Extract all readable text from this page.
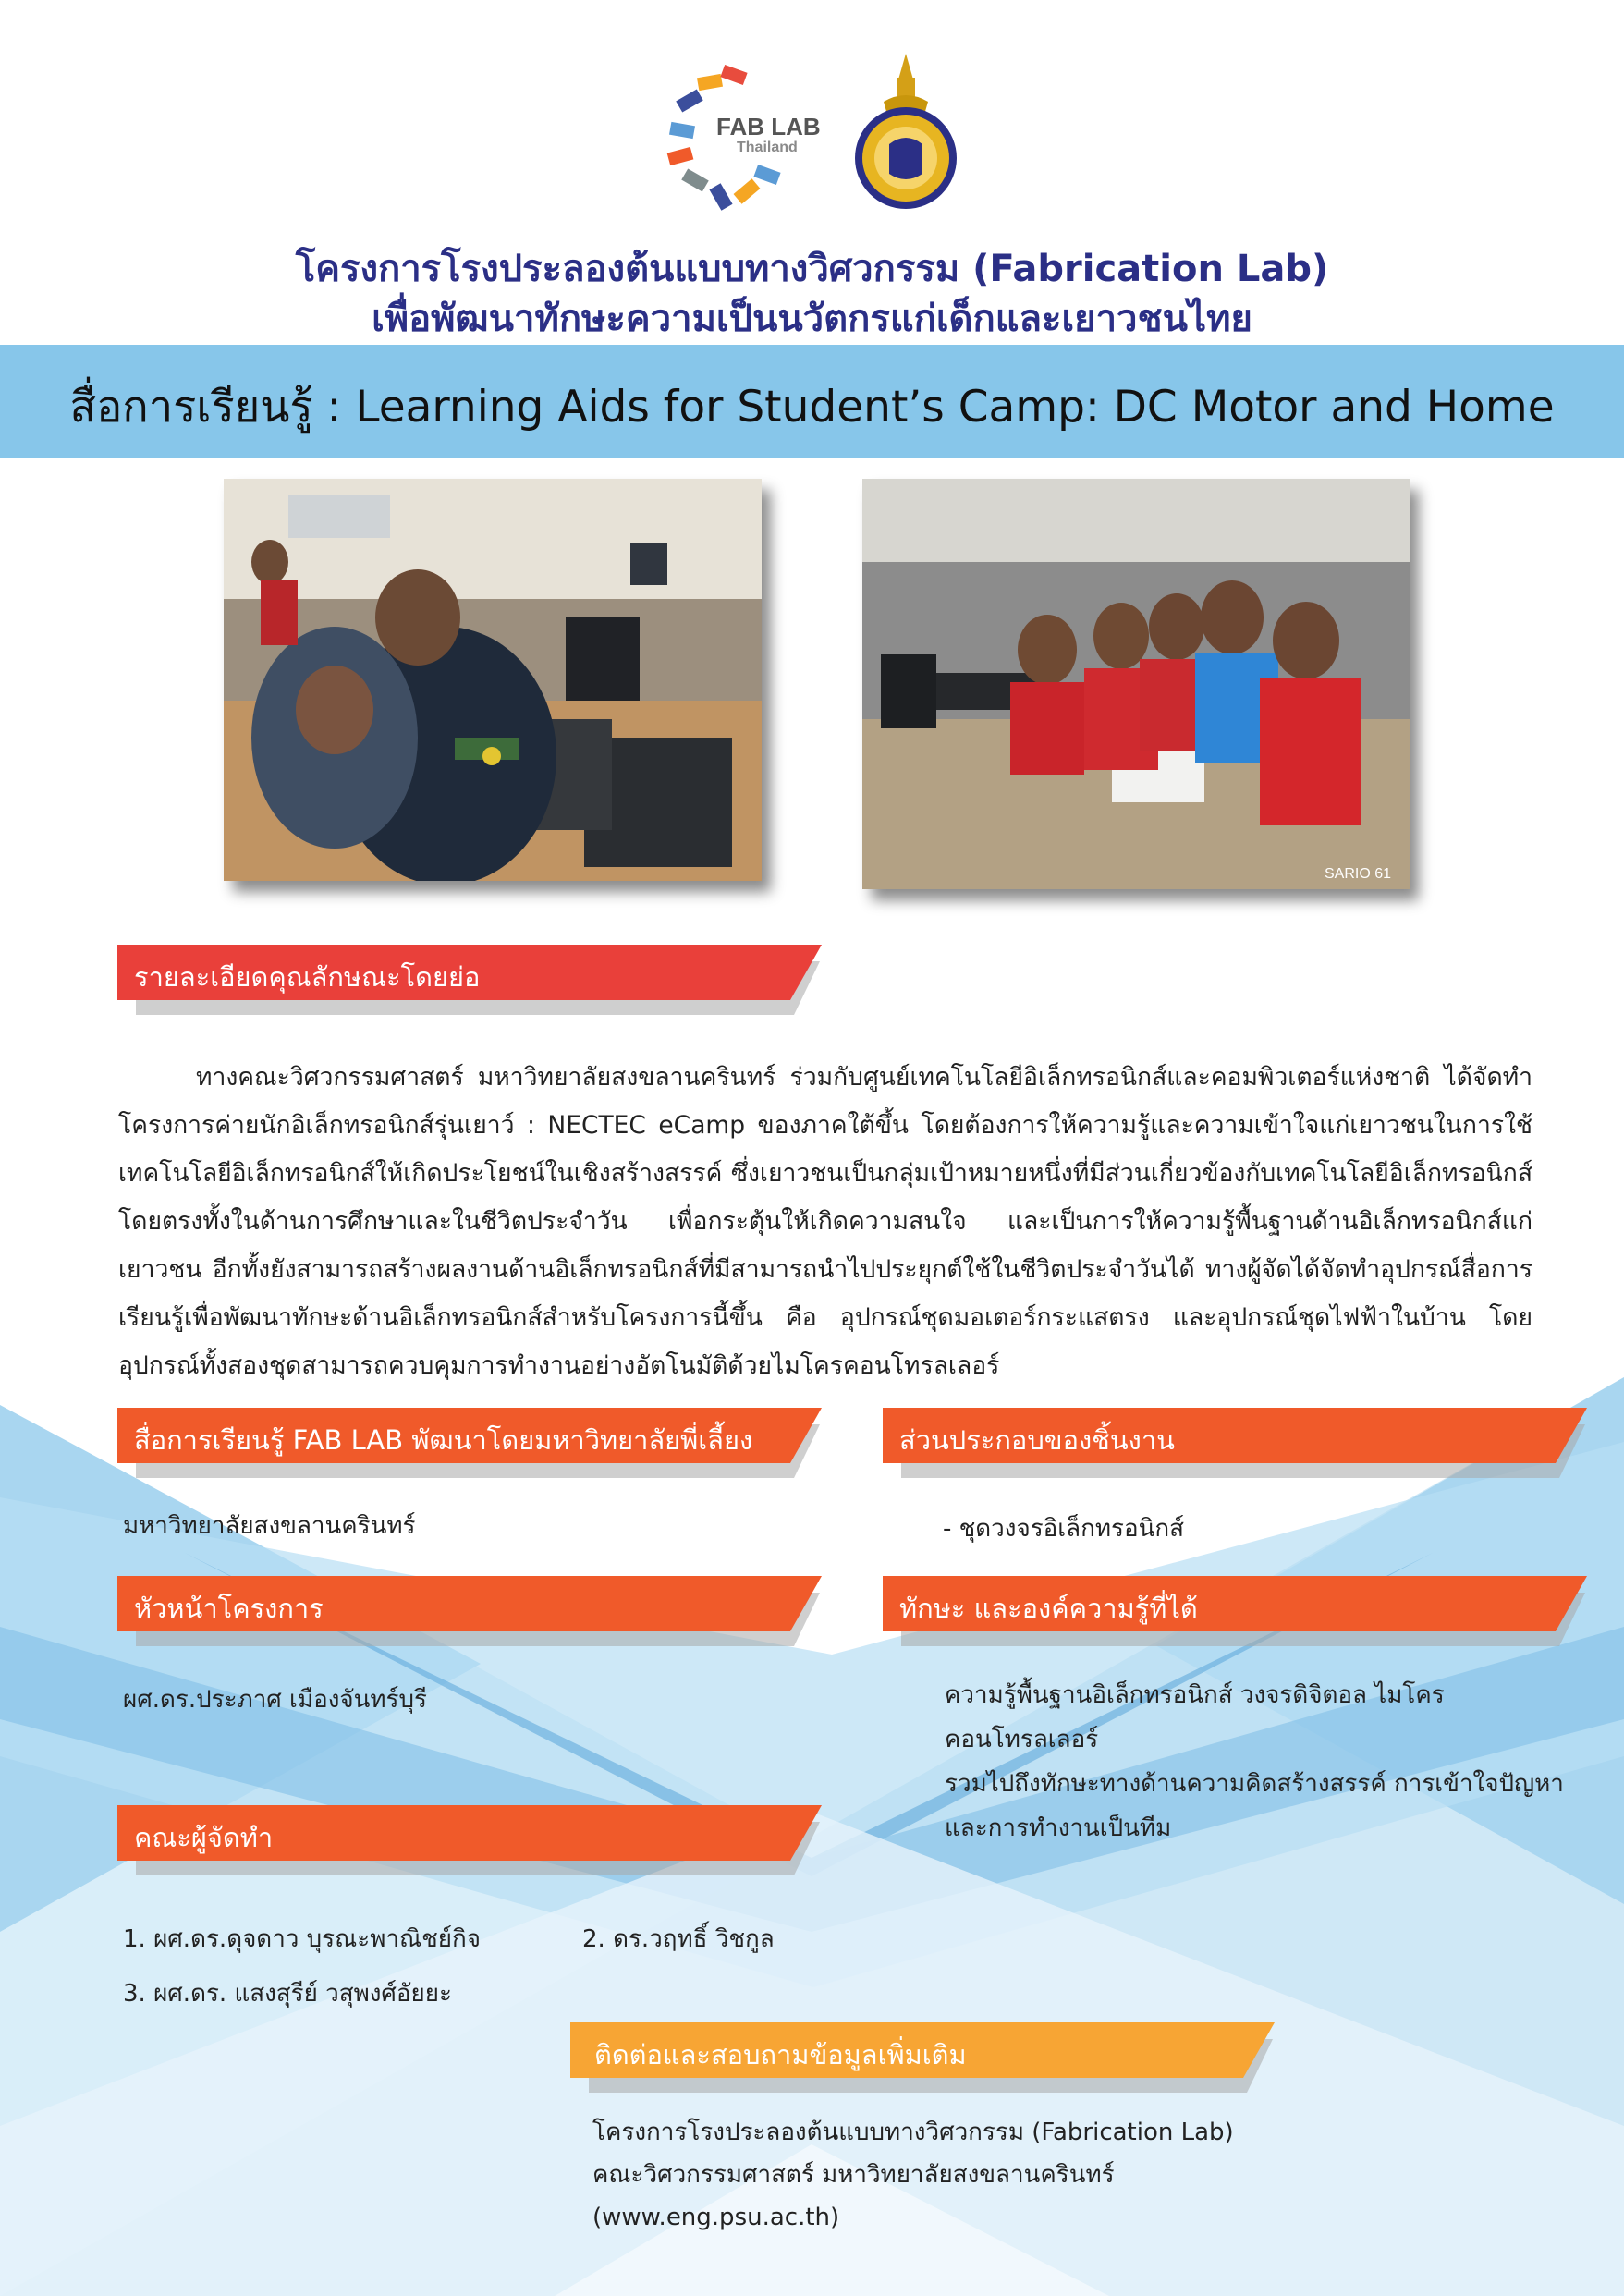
FAB LAB
Thailand
โครงการโรงประลองต้นแบบทางวิศวกรรม (Fabrication Lab)
เพื่อพัฒนาทักษะความเป็นนวัตกรแก่เด็กและเยาวชนไทย
สื่อการเรียนรู้ : Learning Aids for Student’s Camp: DC Motor and Home
SARIO 61
รายละเอียดคุณลักษณะโดยย่อ

ทางคณะวิศวกรรมศาสตร์ มหาวิทยาลัยสงขลานครินทร์ ร่วมกับศูนย์เทคโนโลยีอิเล็กทรอนิกส์และคอมพิวเตอร์แห่งชาติ ได้จัดทำโครงการค่ายนักอิเล็กทรอนิกส์รุ่นเยาว์ : NECTEC eCamp ของภาคใต้ขึ้น โดยต้องการให้ความรู้และความเข้าใจแก่เยาวชนในการใช้เทคโนโลยีอิเล็กทรอนิกส์ให้เกิดประโยชน์ในเชิงสร้างสรรค์ ซึ่งเยาวชนเป็นกลุ่มเป้าหมายหนึ่งที่มีส่วนเกี่ยวข้องกับเทคโนโลยีอิเล็กทรอนิกส์โดยตรงทั้งในด้านการศึกษาและในชีวิตประจำวัน เพื่อกระตุ้นให้เกิดความสนใจ และเป็นการให้ความรู้พื้นฐานด้านอิเล็กทรอนิกส์แก่เยาวชน อีกทั้งยังสามารถสร้างผลงานด้านอิเล็กทรอนิกส์ที่มีสามารถนำไปประยุกต์ใช้ในชีวิตประจำวันได้ ทางผู้จัดได้จัดทำอุปกรณ์สื่อการเรียนรู้เพื่อพัฒนาทักษะด้านอิเล็กทรอนิกส์สำหรับโครงการนี้ขึ้น คือ อุปกรณ์ชุดมอเตอร์กระแสตรง และอุปกรณ์ชุดไฟฟ้าในบ้าน โดยอุปกรณ์ทั้งสองชุดสามารถควบคุมการทำงานอย่างอัตโนมัติด้วยไมโครคอนโทรลเลอร์

สื่อการเรียนรู้ FAB LAB พัฒนาโดยมหาวิทยาลัยพี่เลี้ยง
มหาวิทยาลัยสงขลานครินทร์
ส่วนประกอบของชิ้นงาน
- ชุดวงจรอิเล็กทรอนิกส์
หัวหน้าโครงการ
ผศ.ดร.ประภาศ เมืองจันทร์บุรี
ทักษะ และองค์ความรู้ที่ได้
ความรู้พื้นฐานอิเล็กทรอนิกส์ วงจรดิจิตอล ไมโครคอนโทรลเลอร์
รวมไปถึงทักษะทางด้านความคิดสร้างสรรค์ การเข้าใจปัญหา
และการทำงานเป็นทีม
คณะผู้จัดทำ
1. ผศ.ดร.ดุจดาว บุรณะพาณิชย์กิจ	2. ดร.วฤทธิ์ วิชกูล
3. ผศ.ดร. แสงสุรีย์ วสุพงศ์อัยยะ
ติดต่อและสอบถามข้อมูลเพิ่มเติม
โครงการโรงประลองต้นแบบทางวิศวกรรม (Fabrication Lab)
คณะวิศวกรรมศาสตร์ มหาวิทยาลัยสงขลานครินทร์
(www.eng.psu.ac.th)
